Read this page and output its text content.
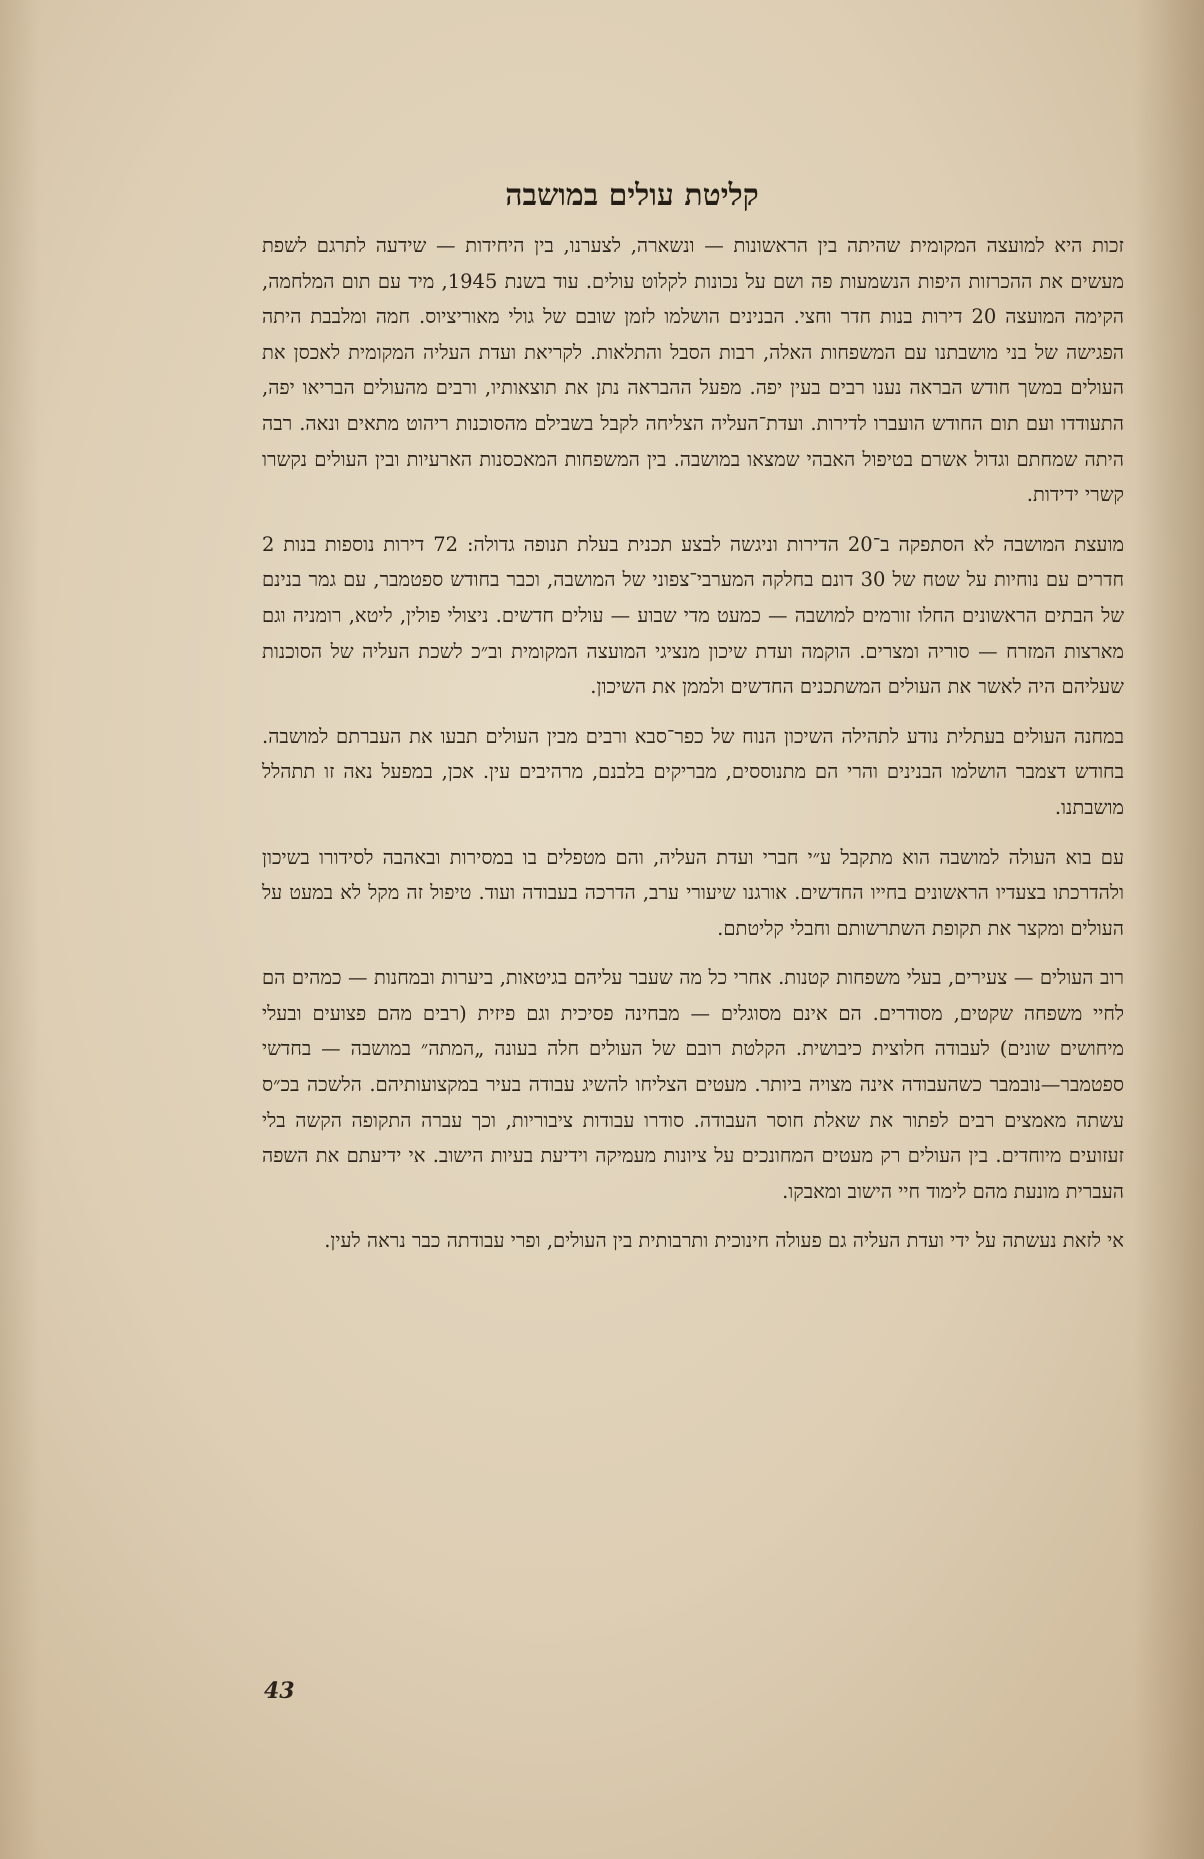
קליטת עולים במושבה

זכות היא למועצה המקומית שהיתה בין הראשונות — ונשארה, לצערנו, בין היחידות — שידעה לתרגם לשפת מעשים את ההכרזות היפות הנשמעות פה ושם על נכונות לקלוט עולים. עוד בשנת 1945, מיד עם תום המלחמה, הקימה המועצה 20 דירות בנות חדר וחצי. הבנינים הושלמו לזמן שובם של גולי מאוריציוס. חמה ומלבבת היתה הפגישה של בני מושבתנו עם המשפחות האלה, רבות הסבל והתלאות. לקריאת ועדת העליה המקומית לאכסן את העולים במשך חודש הבראה נענו רבים בעין יפה. מפעל ההבראה נתן את תוצאותיו, ורבים מהעולים הבריאו יפה, התעודדו ועם תום החודש הועברו לדירות. ועדת־העליה הצליחה לקבל בשבילם מהסוכנות ריהוט מתאים ונאה. רבה היתה שמחתם וגדול אשרם בטיפול האבהי שמצאו במושבה. בין המשפחות המאכסנות הארעיות ובין העולים נקשרו קשרי ידידות.

מועצת המושבה לא הסתפקה ב־20 הדירות וניגשה לבצע תכנית בעלת תנופה גדולה: 72 דירות נוספות בנות 2 חדרים עם נוחיות על שטח של 30 דונם בחלקה המערבי־צפוני של המושבה, וכבר בחודש ספטמבר, עם גמר בנינם של הבתים הראשונים החלו זורמים למושבה — כמעט מדי שבוע — עולים חדשים. ניצולי פולין, ליטא, רומניה וגם מארצות המזרח — סוריה ומצרים. הוקמה ועדת שיכון מנציגי המועצה המקומית וב״כ לשכת העליה של הסוכנות שעליהם היה לאשר את העולים המשתכנים החדשים ולממן את השיכון.

במחנה העולים בעתלית נודע לתהילה השיכון הנוח של כפר־סבא ורבים מבין העולים תבעו את העברתם למושבה. בחודש דצמבר הושלמו הבנינים והרי הם מתנוססים, מבריקים בלבנם, מרהיבים עין. אכן, במפעל נאה זו תתהלל מושבתנו.

עם בוא העולה למושבה הוא מתקבל ע״י חברי ועדת העליה, והם מטפלים בו במסירות ובאהבה לסידורו בשיכון ולהדרכתו בצעדיו הראשונים בחייו החדשים. אורגנו שיעורי ערב, הדרכה בעבודה ועוד. טיפול זה מקל לא במעט על העולים ומקצר את תקופת השתרשותם וחבלי קליטתם.

רוב העולים — צעירים, בעלי משפחות קטנות. אחרי כל מה שעבר עליהם בגיטאות, ביערות ובמחנות — כמהים הם לחיי משפחה שקטים, מסודרים. הם אינם מסוגלים — מבחינה פסיכית וגם פיזית (רבים מהם פצועים ובעלי מיחושים שונים) לעבודה חלוצית כיבושית. הקלטת רובם של העולים חלה בעונה „המתה״ במושבה — בחדשי ספטמבר—נובמבר כשהעבודה אינה מצויה ביותר. מעטים הצליחו להשיג עבודה בעיר במקצועותיהם. הלשכה בכ״ס עשתה מאמצים רבים לפתור את שאלת חוסר העבודה. סודרו עבודות ציבוריות, וכך עברה התקופה הקשה בלי זעזועים מיוחדים. בין העולים רק מעטים המחונכים על ציונות מעמיקה וידיעת בעיות הישוב. אי ידיעתם את השפה העברית מונעת מהם לימוד חיי הישוב ומאבקו.

אי לזאת נעשתה על ידי ועדת העליה גם פעולה חינוכית ותרבותית בין העולים, ופרי עבודתה כבר נראה לעין.

43
